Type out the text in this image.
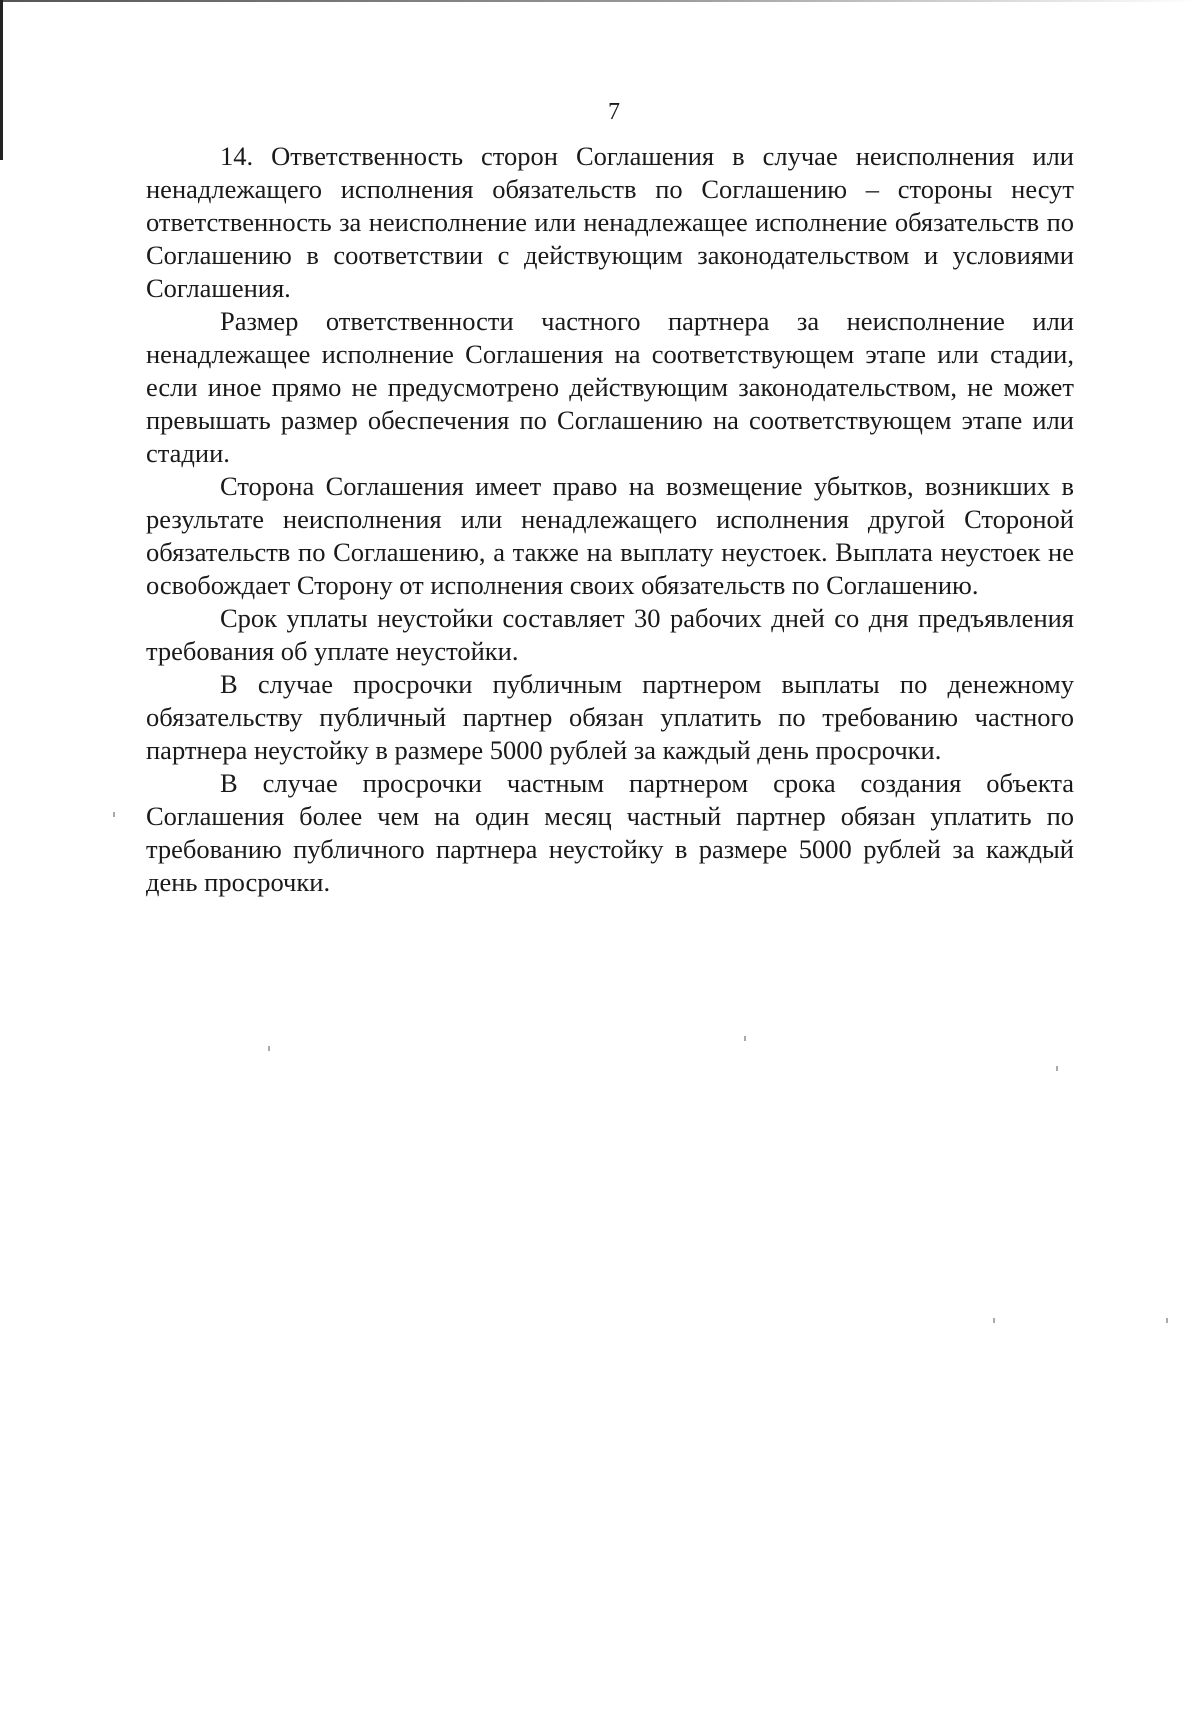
7

14. Ответственность сторон Соглашения в случае неисполнения или ненадлежащего исполнения обязательств по Соглашению – стороны несут ответственность за неисполнение или ненадлежащее исполнение обязательств по Соглашению в соответствии с действующим законодательством и условиями Соглашения.

Размер ответственности частного партнера за неисполнение или ненадлежащее исполнение Соглашения на соответствующем этапе или стадии, если иное прямо не предусмотрено действующим законодательством, не может превышать размер обеспечения по Соглашению на соответствующем этапе или стадии.

Сторона Соглашения имеет право на возмещение убытков, возникших в результате неисполнения или ненадлежащего исполнения другой Стороной обязательств по Соглашению, а также на выплату неустоек. Выплата неустоек не освобождает Сторону от исполнения своих обязательств по Соглашению.

Срок уплаты неустойки составляет 30 рабочих дней со дня предъявления требования об уплате неустойки.

В случае просрочки публичным партнером выплаты по денежному обязательству публичный партнер обязан уплатить по требованию частного партнера неустойку в размере 5000 рублей за каждый день просрочки.

В случае просрочки частным партнером срока создания объекта Соглашения более чем на один месяц частный партнер обязан уплатить по требованию публичного партнера неустойку в размере 5000 рублей за каждый день просрочки.
